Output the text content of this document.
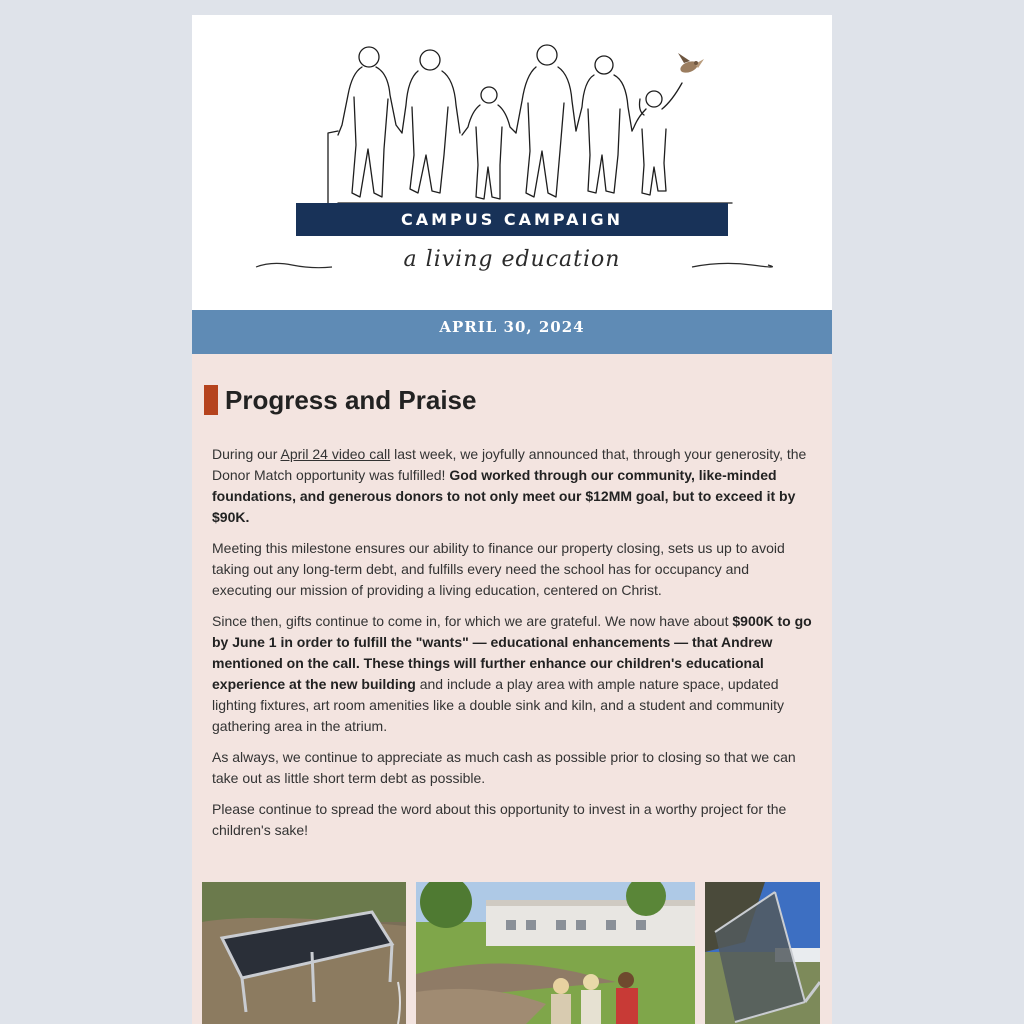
CAMPUS CAMPAIGN
a living education
APRIL 30, 2024
Progress and Praise

During our April 24 video call last week, we joyfully announced that, through your generosity, the Donor Match opportunity was fulfilled! God worked through our community, like-minded foundations, and generous donors to not only meet our $12MM goal, but to exceed it by $90K.

Meeting this milestone ensures our ability to finance our property closing, sets us up to avoid taking out any long-term debt, and fulfills every need the school has for occupancy and executing our mission of providing a living education, centered on Christ.

Since then, gifts continue to come in, for which we are grateful. We now have about $900K to go by June 1 in order to fulfill the "wants" — educational enhancements — that Andrew mentioned on the call. These things will further enhance our children's educational experience at the new building and include a play area with ample nature space, updated lighting fixtures, art room amenities like a double sink and kiln, and a student and community gathering area in the atrium.

As always, we continue to appreciate as much cash as possible prior to closing so that we can take out as little short term debt as possible.

Please continue to spread the word about this opportunity to invest in a worthy project for the children's sake!
